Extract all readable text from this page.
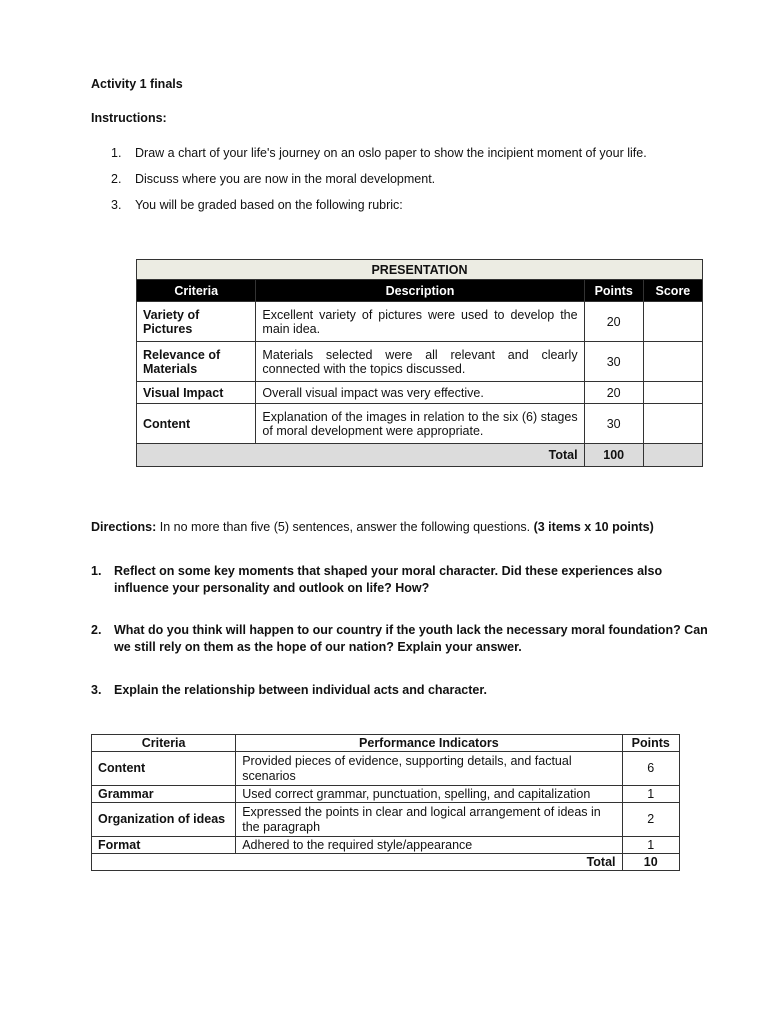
Activity 1 finals
Instructions:
1. Draw a chart of your life's journey on an oslo paper to show the incipient moment of your life.
2. Discuss where you are now in the moral development.
3. You will be graded based on the following rubric:
PRESENTATION			
Criteria	Description	Points	Score
Variety of Pictures	Excellent variety of pictures were used to develop the main idea.	20	
Relevance of Materials	Materials selected were all relevant and clearly connected with the topics discussed.	30	
Visual Impact	Overall visual impact was very effective.	20	
Content	Explanation of the images in relation to the six (6) stages of moral development were appropriate.	30	
Total		100	
Directions: In no more than five (5) sentences, answer the following questions. (3 items x 10 points)
1. Reflect on some key moments that shaped your moral character. Did these experiences also influence your personality and outlook on life? How?
2. What do you think will happen to our country if the youth lack the necessary moral foundation? Can we still rely on them as the hope of our nation? Explain your answer.
3. Explain the relationship between individual acts and character.
Criteria	Performance Indicators	Points
Content	Provided pieces of evidence, supporting details, and factual scenarios	6
Grammar	Used correct grammar, punctuation, spelling, and capitalization	1
Organization of ideas	Expressed the points in clear and logical arrangement of ideas in the paragraph	2
Format	Adhered to the required style/appearance	1
Total		10
